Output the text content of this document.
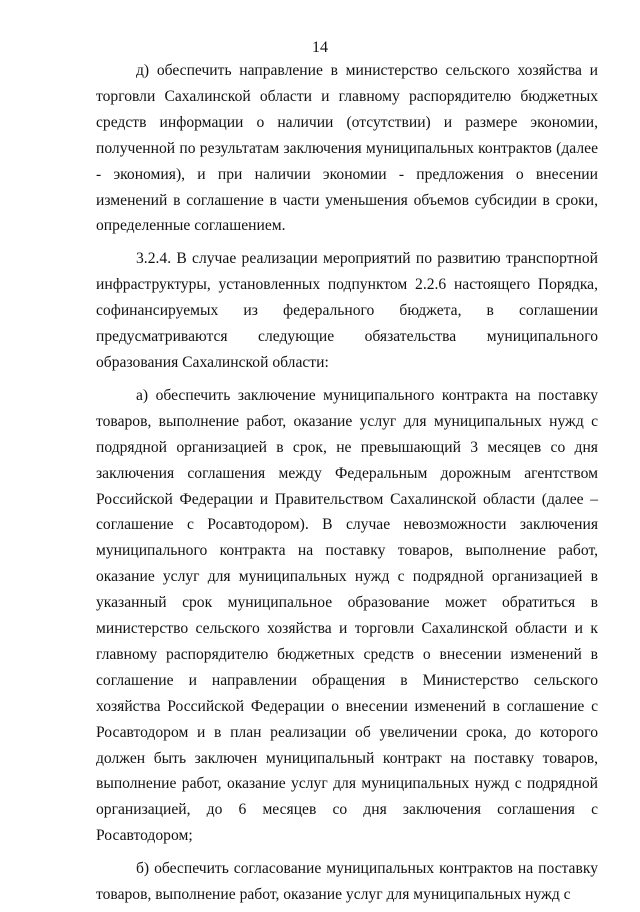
14

д) обеспечить направление в министерство сельского хозяйства и торговли Сахалинской области и главному распорядителю бюджетных средств информации о наличии (отсутствии) и размере экономии, полученной по результатам заключения муниципальных контрактов (далее - экономия), и при наличии экономии - предложения о внесении изменений в соглашение в части уменьшения объемов субсидии в сроки, определенные соглашением.

3.2.4. В случае реализации мероприятий по развитию транспортной инфраструктуры, установленных подпунктом 2.2.6 настоящего Порядка, софинансируемых из федерального бюджета, в соглашении предусматриваются следующие обязательства муниципального образования Сахалинской области:

а) обеспечить заключение муниципального контракта на поставку товаров, выполнение работ, оказание услуг для муниципальных нужд с подрядной организацией в срок, не превышающий 3 месяцев со дня заключения соглашения между Федеральным дорожным агентством Российской Федерации и Правительством Сахалинской области (далее – соглашение с Росавтодором). В случае невозможности заключения муниципального контракта на поставку товаров, выполнение работ, оказание услуг для муниципальных нужд с подрядной организацией в указанный срок муниципальное образование может обратиться в министерство сельского хозяйства и торговли Сахалинской области и к главному распорядителю бюджетных средств о внесении изменений в соглашение и направлении обращения в Министерство сельского хозяйства Российской Федерации о внесении изменений в соглашение с Росавтодором и в план реализации об увеличении срока, до которого должен быть заключен муниципальный контракт на поставку товаров, выполнение работ, оказание услуг для муниципальных нужд с подрядной организацией, до 6 месяцев со дня заключения соглашения с Росавтодором;

б) обеспечить согласование муниципальных контрактов на поставку товаров, выполнение работ, оказание услуг для муниципальных нужд с
